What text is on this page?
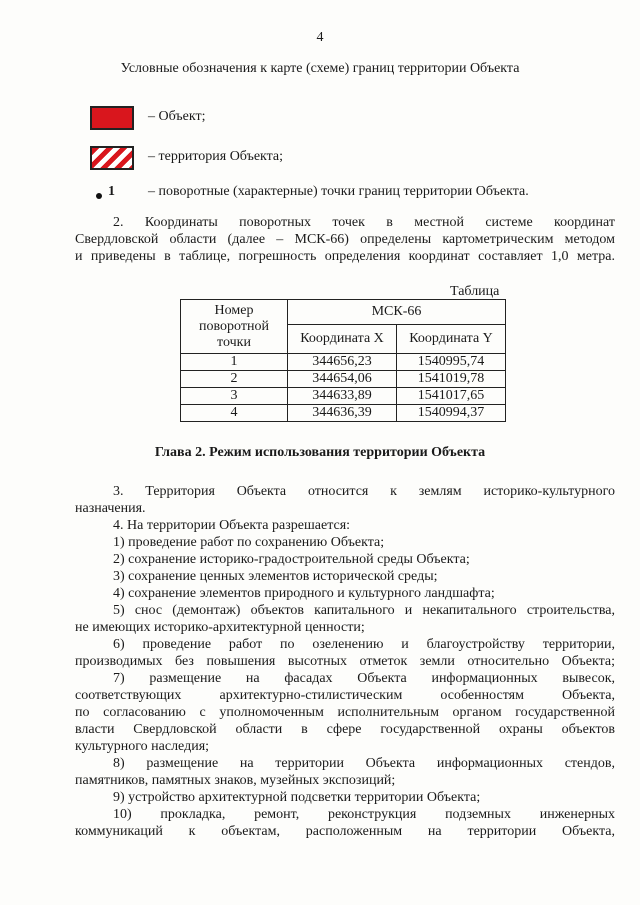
4
Условные обозначения к карте (схеме) границ территории Объекта
– Объект;
– территория Объекта;
1 – поворотные (характерные) точки границ территории Объекта.
2. Координаты поворотных точек в местной системе координат
Свердловской области (далее – МСК-66) определены картометрическим методом
и приведены в таблице, погрешность определения координат составляет 1,0 метра.
Таблица
Номер
поворотной
точки	МСК-66	
	Координата X	Координата Y
1	344656,23	1540995,74
2	344654,06	1541019,78
3	344633,89	1541017,65
4	344636,39	1540994,37
Глава 2. Режим использования территории Объекта
3. Территория Объекта относится к землям историко-культурного
назначения.
4. На территории Объекта разрешается:
1) проведение работ по сохранению Объекта;
2) сохранение историко-градостроительной среды Объекта;
3) сохранение ценных элементов исторической среды;
4) сохранение элементов природного и культурного ландшафта;
5) снос (демонтаж) объектов капитального и некапитального строительства,
не имеющих историко-архитектурной ценности;
6) проведение работ по озеленению и благоустройству территории,
производимых без повышения высотных отметок земли относительно Объекта;
7) размещение на фасадах Объекта информационных вывесок,
соответствующих архитектурно-стилистическим особенностям Объекта,
по согласованию с уполномоченным исполнительным органом государственной
власти Свердловской области в сфере государственной охраны объектов
культурного наследия;
8) размещение на территории Объекта информационных стендов,
памятников, памятных знаков, музейных экспозиций;
9) устройство архитектурной подсветки территории Объекта;
10) прокладка, ремонт, реконструкция подземных инженерных
коммуникаций к объектам, расположенным на территории Объекта,
